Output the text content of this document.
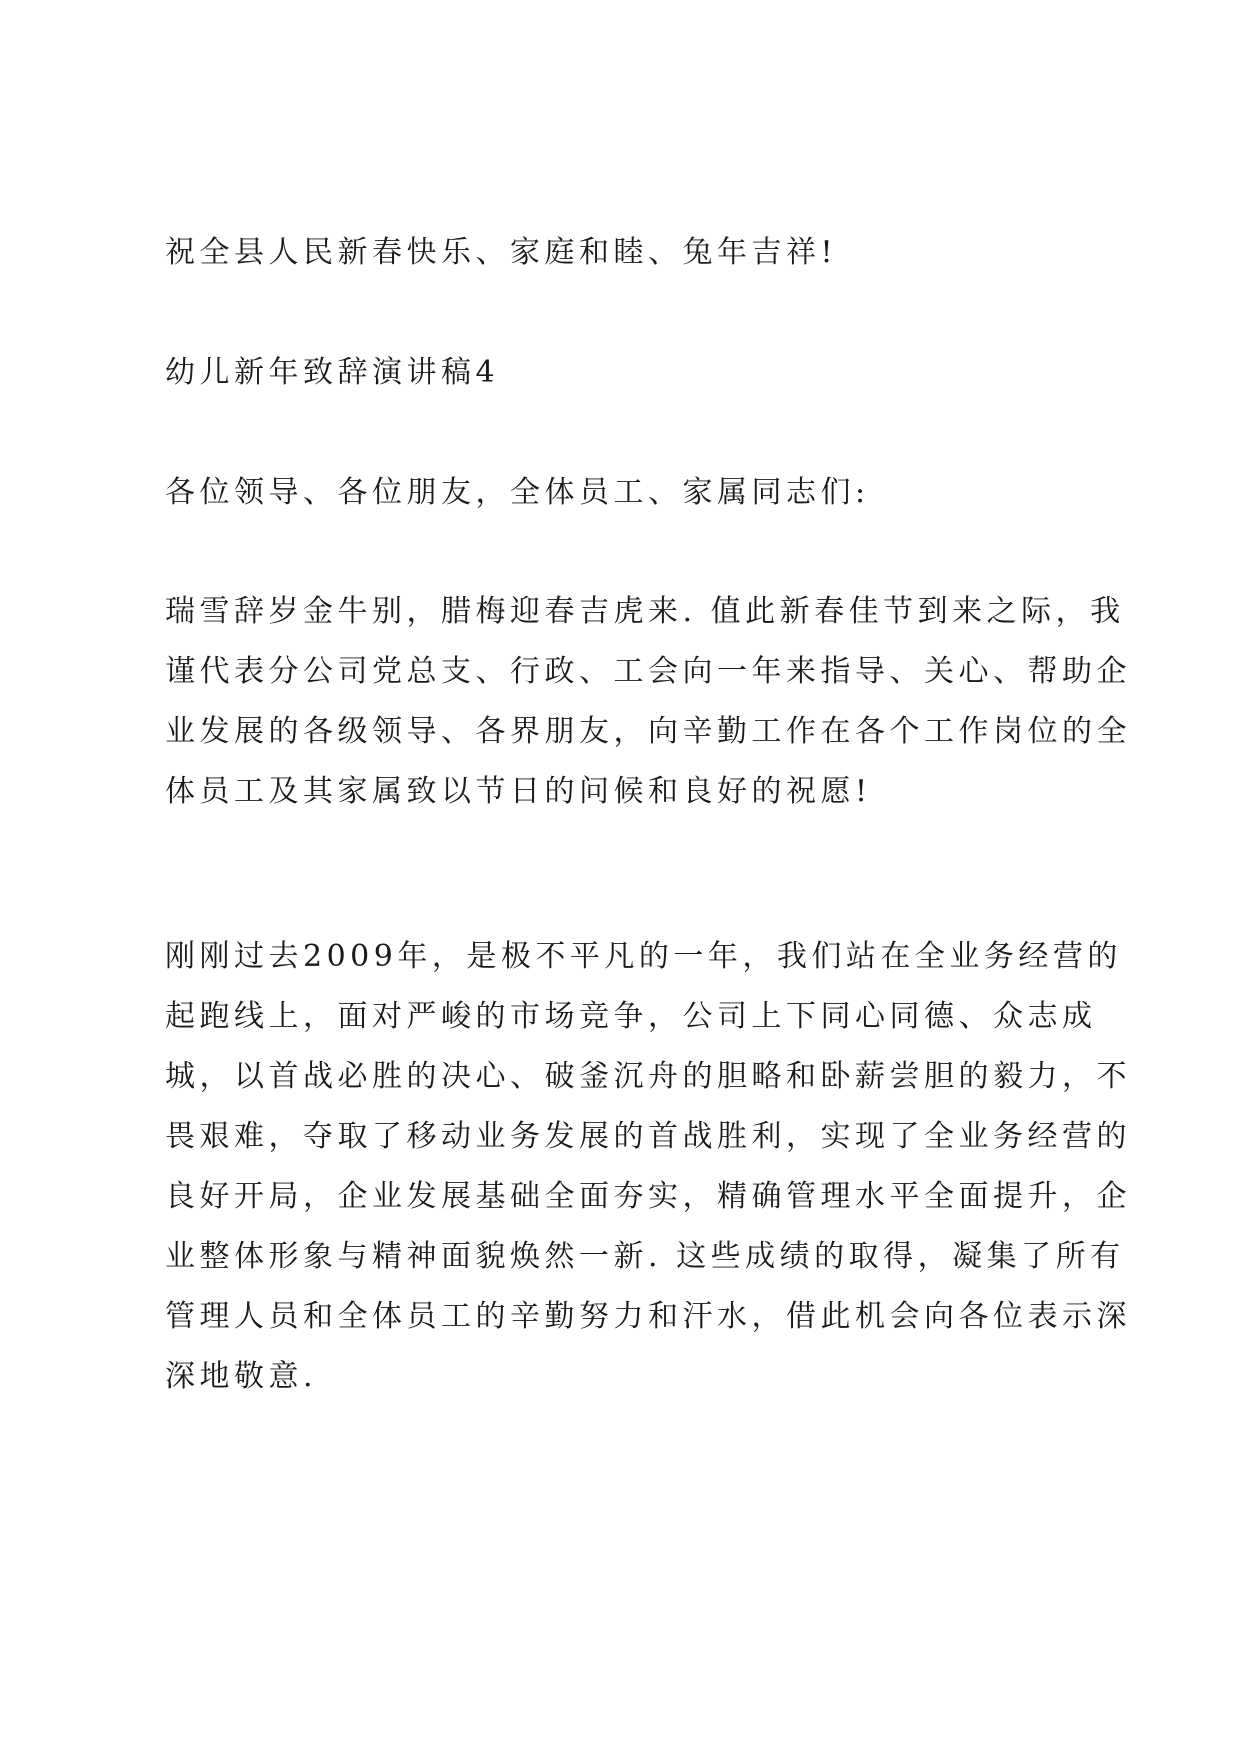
祝全县人民新春快乐、家庭和睦、兔年吉祥!
幼儿新年致辞演讲稿4
各位领导、各位朋友，全体员工、家属同志们:
瑞雪辞岁金牛别，腊梅迎春吉虎来. 值此新春佳节到来之际，我
谨代表分公司党总支、行政、工会向一年来指导、关心、帮助企
业发展的各级领导、各界朋友，向辛勤工作在各个工作岗位的全
体员工及其家属致以节日的问候和良好的祝愿!
刚刚过去2009年，是极不平凡的一年，我们站在全业务经营的
起跑线上，面对严峻的市场竞争，公司上下同心同德、众志成
城，以首战必胜的决心、破釜沉舟的胆略和卧薪尝胆的毅力，不
畏艰难，夺取了移动业务发展的首战胜利，实现了全业务经营的
良好开局，企业发展基础全面夯实，精确管理水平全面提升，企
业整体形象与精神面貌焕然一新. 这些成绩的取得，凝集了所有
管理人员和全体员工的辛勤努力和汗水，借此机会向各位表示深
深地敬意.
